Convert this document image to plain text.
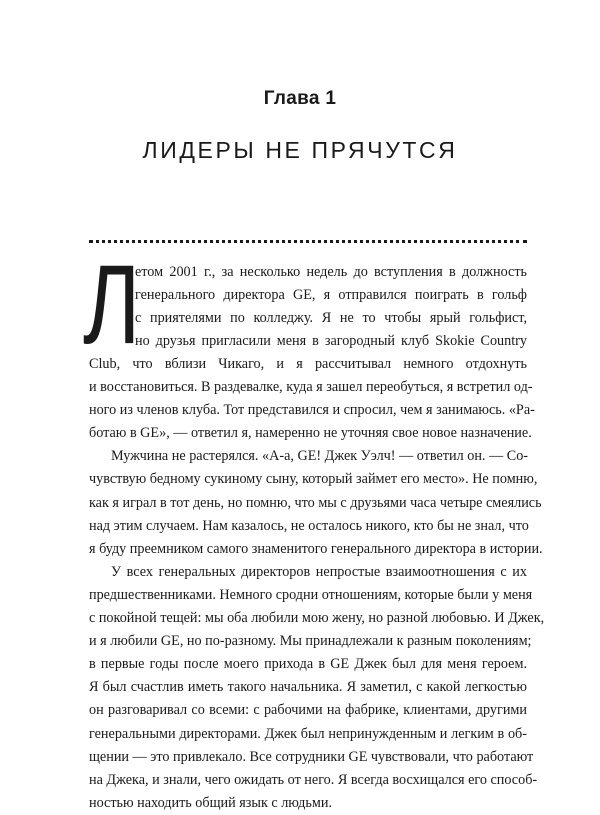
Глава 1
ЛИДЕРЫ НЕ ПРЯЧУТСЯ
Л
етом 2001 г., за несколько недель до вступления в должность
генерального директора GE, я отправился поиграть в гольф
с приятелями по колледжу. Я не то чтобы ярый гольфист,
но друзья пригласили меня в загородный клуб Skokie Country
Club, что вблизи Чикаго, и я рассчитывал немного отдохнуть
и восстановиться. В раздевалке, куда я зашел переобуться, я встретил од-
ного из членов клуба. Тот представился и спросил, чем я занимаюсь. «Ра-
ботаю в GE», — ответил я, намеренно не уточняя свое новое назначение.
Мужчина не растерялся. «А-а, GE! Джек Уэлч! — ответил он. — Со-
чувствую бедному сукиному сыну, который займет его место». Не помню,
как я играл в тот день, но помню, что мы с друзьями часа четыре смеялись
над этим случаем. Нам казалось, не осталось никого, кто бы не знал, что
я буду преемником самого знаменитого генерального директора в истории.
У всех генеральных директоров непростые взаимоотношения с их
предшественниками. Немного сродни отношениям, которые были у меня
с покойной тещей: мы оба любили мою жену, но разной любовью. И Джек,
и я любили GE, но по-разному. Мы принадлежали к разным поколениям;
в первые годы после моего прихода в GE Джек был для меня героем.
Я был счастлив иметь такого начальника. Я заметил, с какой легкостью
он разговаривал со всеми: с рабочими на фабрике, клиентами, другими
генеральными директорами. Джек был непринужденным и легким в об-
щении — это привлекало. Все сотрудники GE чувствовали, что работают
на Джека, и знали, чего ожидать от него. Я всегда восхищался его способ-
ностью находить общий язык с людьми.
